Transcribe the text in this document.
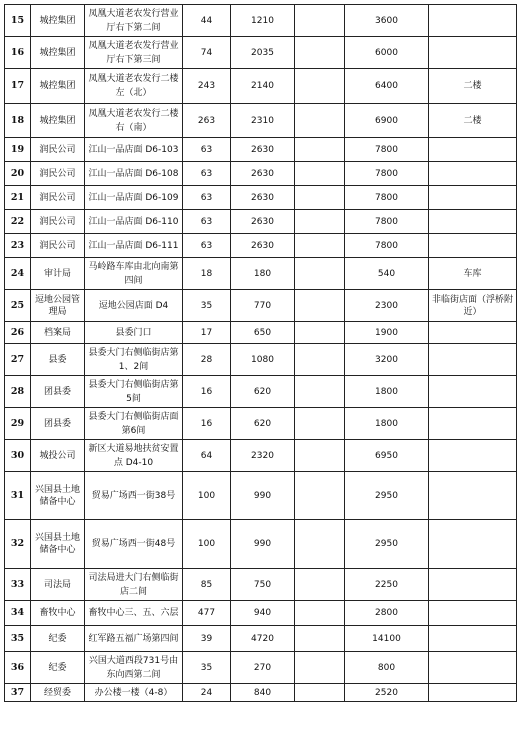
15	城控集团	凤凰大道老农发行营业厅右下第二间	44	1210		3600	
16	城控集团	凤凰大道老农发行营业厅右下第三间	74	2035		6000	
17	城控集团	凤凰大道老农发行二楼左（北）	243	2140		6400	二楼
18	城控集团	凤凰大道老农发行二楼右（南）	263	2310		6900	二楼
19	润民公司	江山一品店面 D6-103	63	2630		7800	
20	润民公司	江山一品店面 D6-108	63	2630		7800	
21	润民公司	江山一品店面 D6-109	63	2630		7800	
22	润民公司	江山一品店面 D6-110	63	2630		7800	
23	润民公司	江山一品店面 D6-111	63	2630		7800	
24	审计局	马岭路车库由北向南第四间	18	180		540	车库
25	逗地公园管理局	逗地公园店面 D4	35	770		2300	非临街店面（浮桥附近）
26	档案局	县委门口	17	650		1900	
27	县委	县委大门右侧临街店第1、2间	28	1080		3200	
28	团县委	县委大门右侧临街店第5间	16	620		1800	
29	团县委	县委大门右侧临街店面第6间	16	620		1800	
30	城投公司	新区大道易地扶贫安置点 D4-10	64	2320		6950	
31	兴国县土地储备中心	贸易广场西一街38号	100	990		2950	
32	兴国县土地储备中心	贸易广场西一街48号	100	990		2950	
33	司法局	司法局进大门右侧临街店二间	85	750		2250	
34	畜牧中心	畜牧中心三、五、六层	477	940		2800	
35	纪委	红军路五福广场第四间	39	4720		14100	
36	纪委	兴国大道西段731号由东向西第二间	35	270		800	
37	经贸委	办公楼一楼（4-8）	24	840		2520	
